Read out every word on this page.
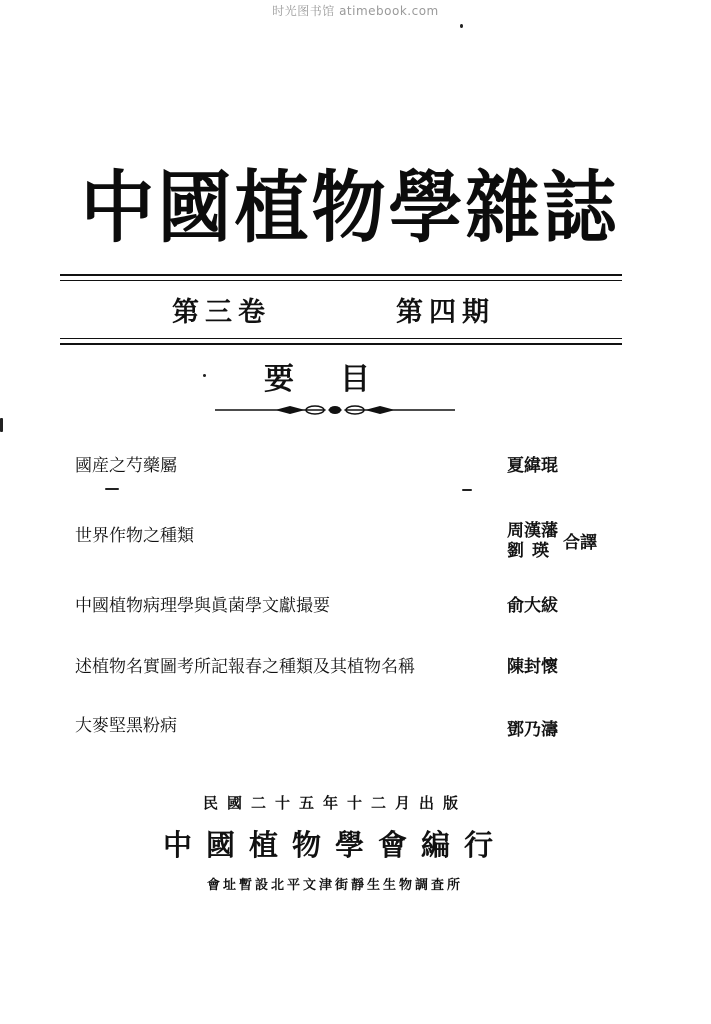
时光图书馆 atimebook.com
中國植物學雜誌
第三卷	第四期
要目
國産之芍藥屬	夏緯琨
世界作物之種類	周漢藩
劉瑛 合譯
中國植物病理學與眞菌學文獻撮要	俞大紱
述植物名實圖考所記報春之種類及其植物名稱	陳封懷
大麥堅黑粉病	鄧乃濤
民國二十五年十二月出版
中國植物學會編行
會址暫設北平文津街靜生生物調査所
